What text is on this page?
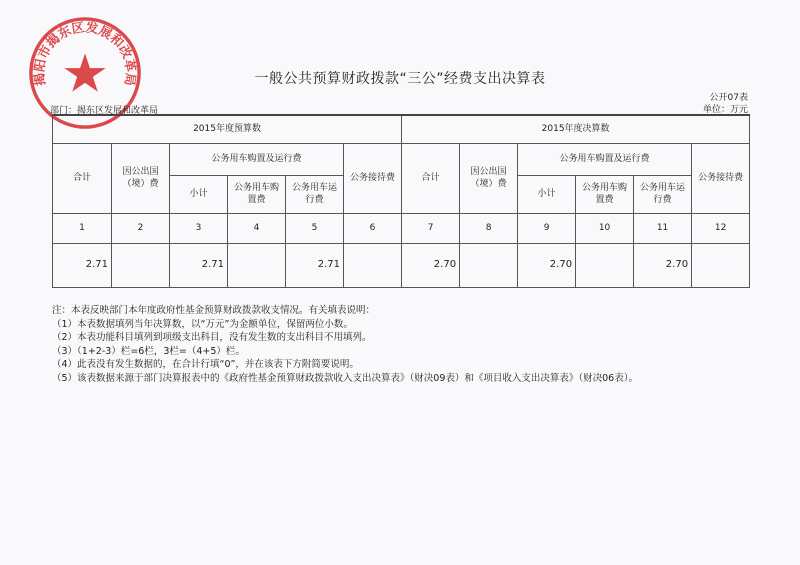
揭阳市揭东区发展和改革局	一般公共预算财政拨款“三公”经费支出决算表
公开07表
单位：万元
部门：揭东区发展和改革局
2015年度预算数						2015年度决算数					
合计	因公出国（境）费	公务用车购置及运行费			公务接待费	合计	因公出国（境）费	公务用车购置及运行费			公务接待费
		小计	公务用车购置费	公务用车运行费				小计	公务用车购置费	公务用车运行费	
1	2	3	4	5	6	7	8	9	10	11	12
2.71		2.71		2.71		2.70		2.70		2.70	
注：本表反映部门本年度政府性基金预算财政拨款收支情况。有关填表说明：
（1）本表数据填列当年决算数，以“万元”为金额单位，保留两位小数。
（2）本表功能科目填列到项级支出科目，没有发生数的支出科目不用填列。
（3）（1+2-3）栏=6栏，3栏=（4+5）栏。
（4）此表没有发生数据的，在合计行填“0”，并在该表下方附简要说明。
（5）该表数据来源于部门决算报表中的《政府性基金预算财政拨款收入支出决算表》（财决09表）和《项目收入支出决算表》（财决06表）。
